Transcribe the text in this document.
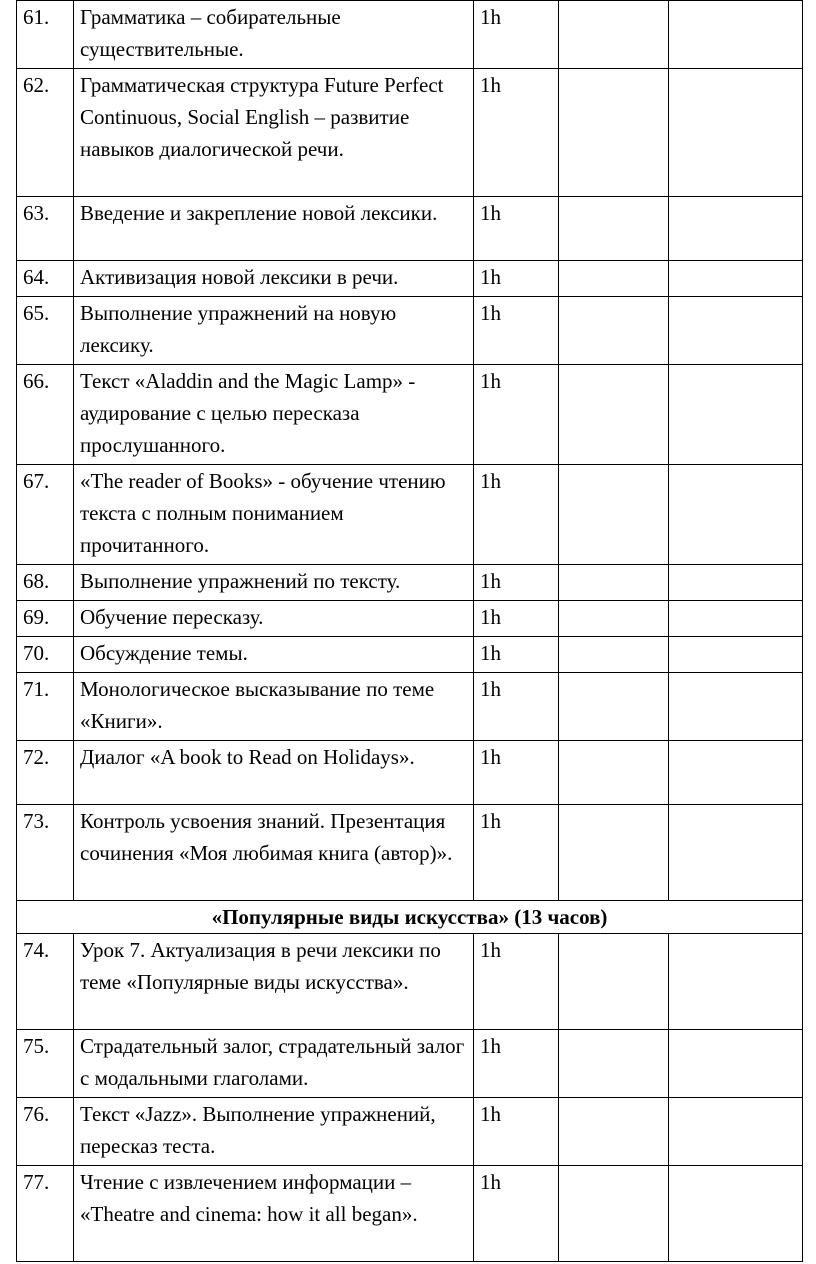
61.	Грамматика – собирательные существительные.	1h		
62.	Грамматическая структура Future Perfect Continuous, Social English – развитие навыков диалогической речи.	1h		
63.	Введение и закрепление новой лексики.	1h		
64.	Активизация новой лексики в речи.	1h		
65.	Выполнение упражнений на новую лексику.	1h		
66.	Текст «Aladdin and the Magic Lamp» - аудирование с целью пересказа прослушанного.	1h		
67.	«The reader of Books» - обучение чтению текста с полным пониманием прочитанного.	1h		
68.	Выполнение упражнений по тексту.	1h		
69.	Обучение пересказу.	1h		
70.	Обсуждение темы.	1h		
71.	Монологическое высказывание по теме «Книги».	1h		
72.	Диалог «A book to Read on Holidays».	1h		
73.	Контроль усвоения знаний. Презентация сочинения «Моя любимая книга (автор)».	1h		
«Популярные виды искусства» (13 часов)				
74.	Урок 7. Актуализация в речи лексики по теме «Популярные виды искусства».	1h		
75.	Страдательный залог, страдательный залог с модальными глаголами.	1h		
76.	Текст «Jazz». Выполнение упражнений, пересказ теста.	1h		
77.	Чтение с извлечением информации – «Theatre and cinema: how it all began».	1h		
